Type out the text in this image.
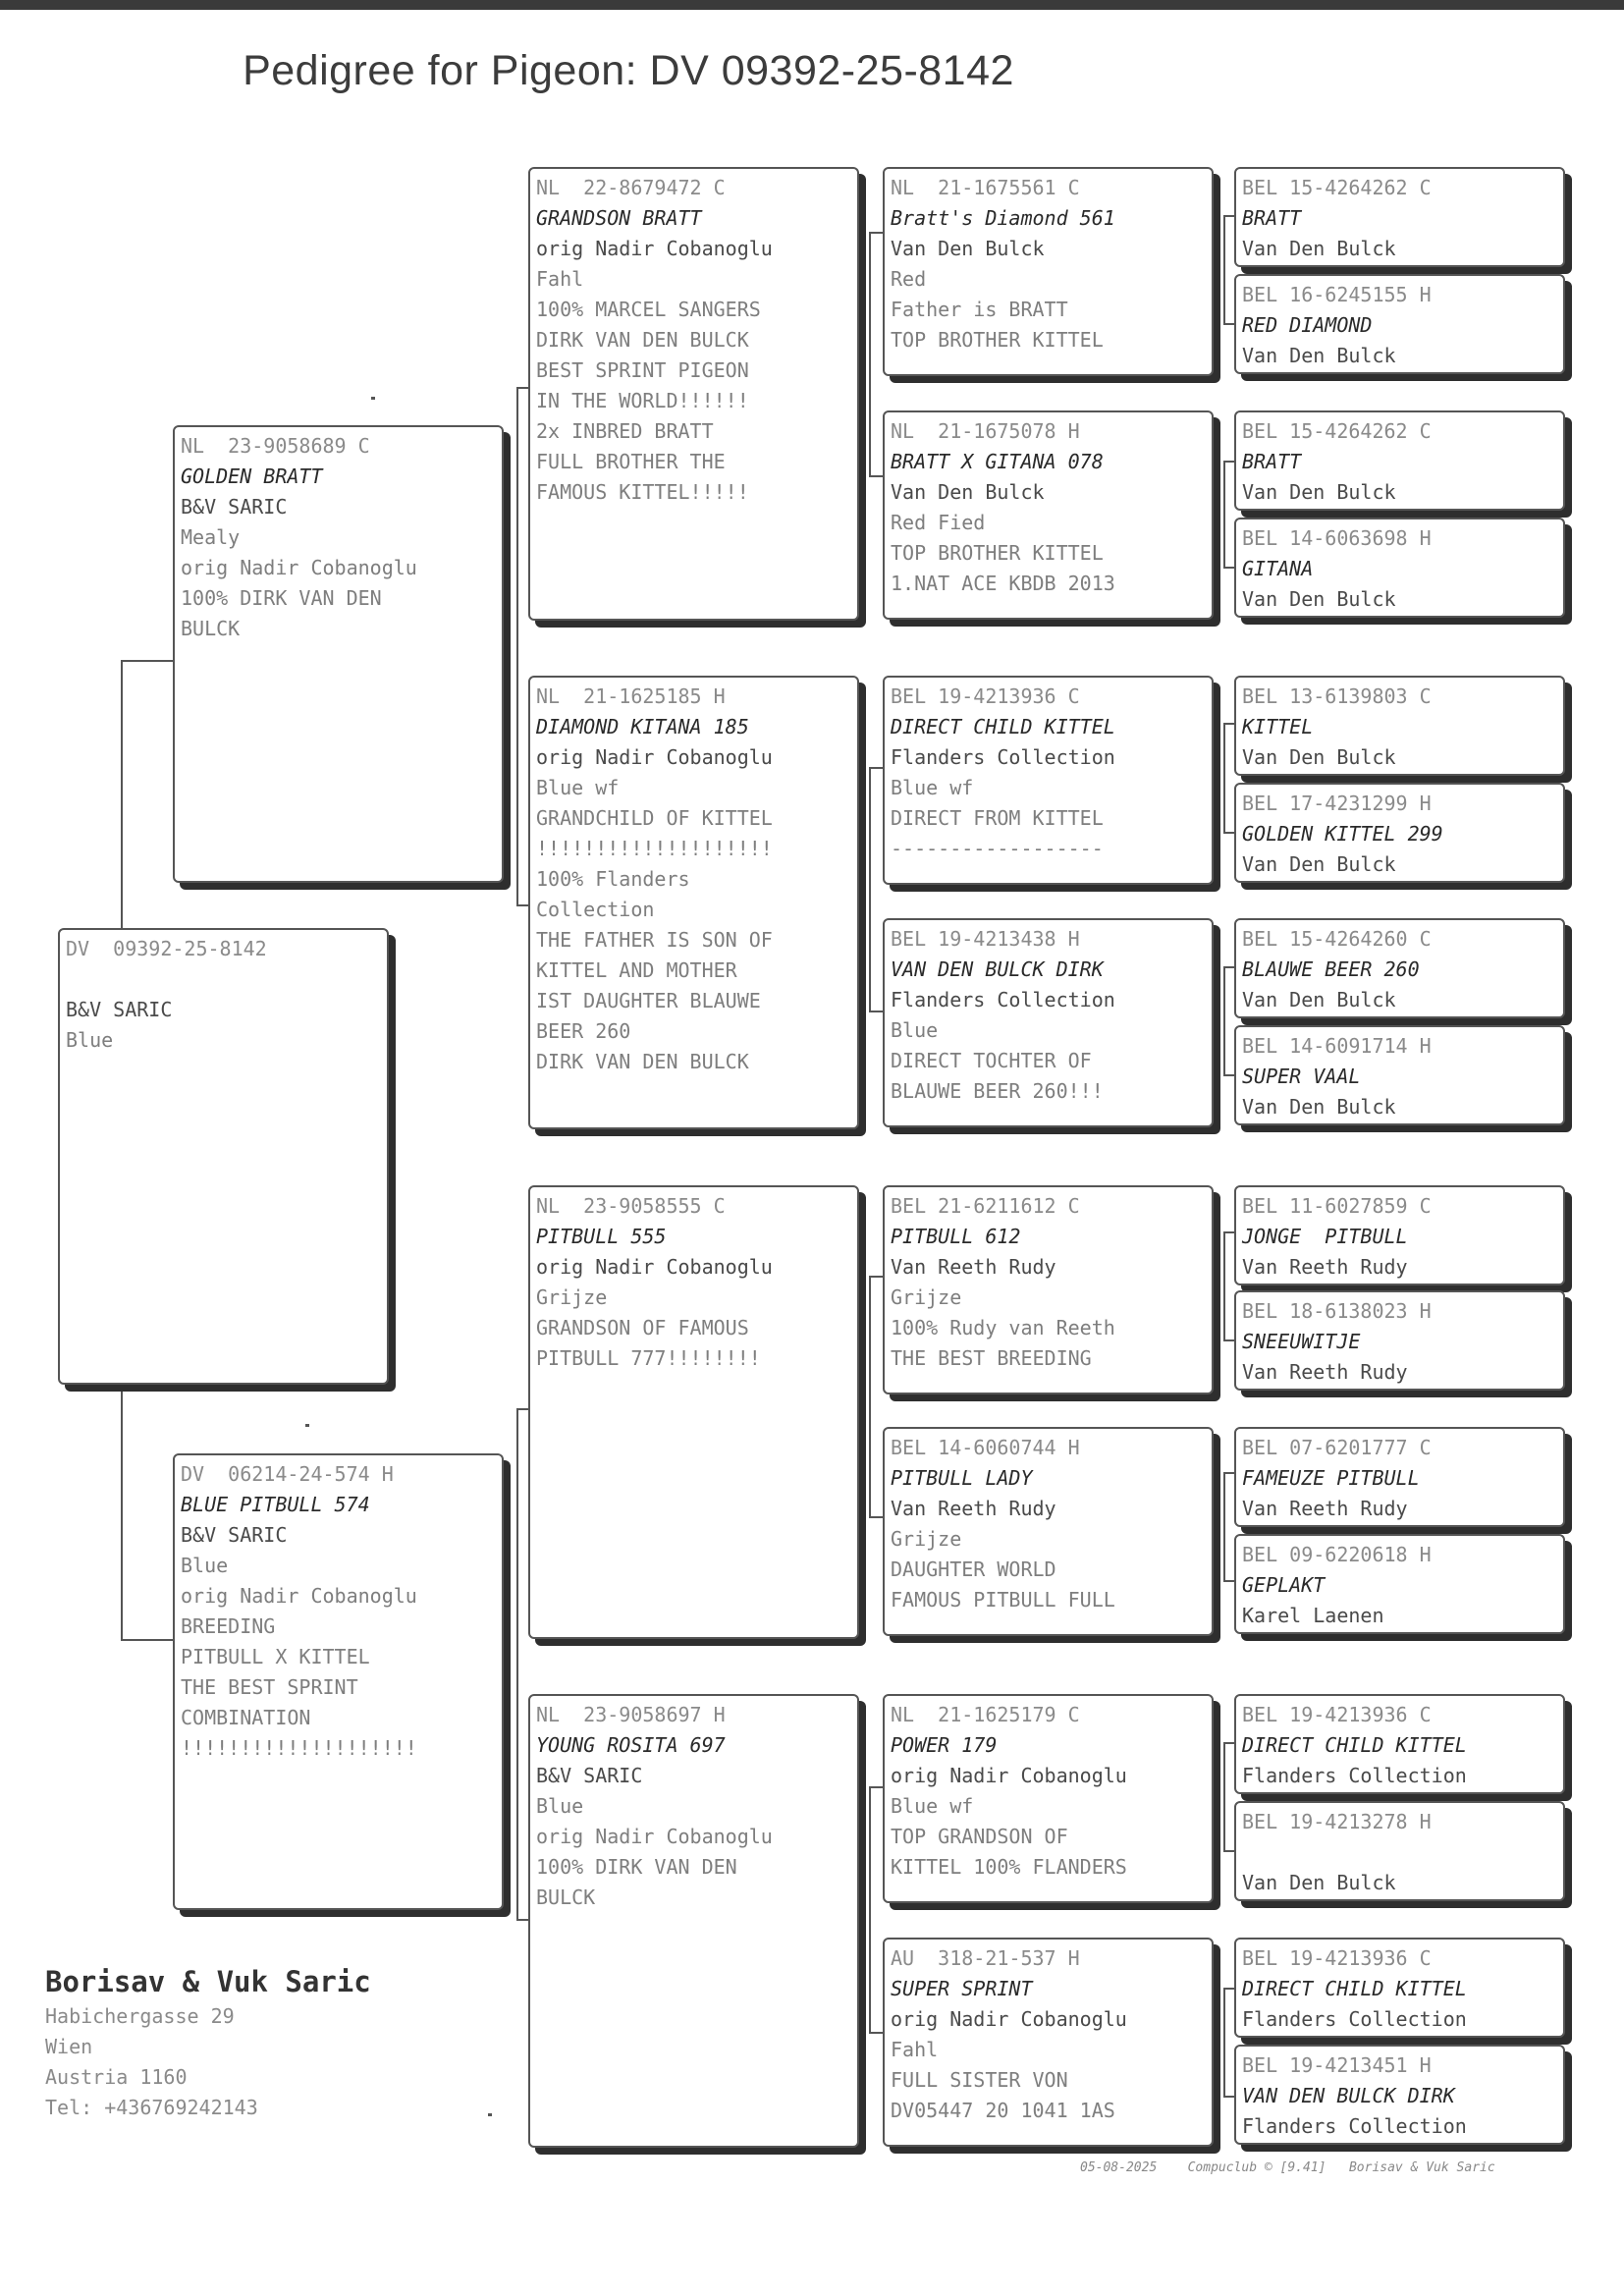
Pedigree for Pigeon: DV 09392-25-8142
DV  09392-25-8142
B&V SARIC
Blue
NL  23-9058689 C
GOLDEN BRATT
B&V SARIC
Mealy
orig Nadir Cobanoglu
100% DIRK VAN DEN
BULCK
DV  06214-24-574 H
BLUE PITBULL 574
B&V SARIC
Blue
orig Nadir Cobanoglu
BREEDING
PITBULL X KITTEL
THE BEST SPRINT
COMBINATION
!!!!!!!!!!!!!!!!!!!!
NL  22-8679472 C
GRANDSON BRATT
orig Nadir Cobanoglu
Fahl
100% MARCEL SANGERS
DIRK VAN DEN BULCK
BEST SPRINT PIGEON
IN THE WORLD!!!!!!
2x INBRED BRATT
FULL BROTHER THE
FAMOUS KITTEL!!!!!
NL  21-1625185 H
DIAMOND KITANA 185
orig Nadir Cobanoglu
Blue wf
GRANDCHILD OF KITTEL
!!!!!!!!!!!!!!!!!!!!
100% Flanders
Collection
THE FATHER IS SON OF
KITTEL AND MOTHER
IST DAUGHTER BLAUWE
BEER 260
DIRK VAN DEN BULCK
NL  23-9058555 C
PITBULL 555
orig Nadir Cobanoglu
Grijze
GRANDSON OF FAMOUS
PITBULL 777!!!!!!!!
NL  23-9058697 H
YOUNG ROSITA 697
B&V SARIC
Blue
orig Nadir Cobanoglu
100% DIRK VAN DEN
BULCK
NL  21-1675561 C
Bratt's Diamond 561
Van Den Bulck
Red
Father is BRATT
TOP BROTHER KITTEL
NL  21-1675078 H
BRATT X GITANA 078
Van Den Bulck
Red Fied
TOP BROTHER KITTEL
1.NAT ACE KBDB 2013
BEL 19-4213936 C
DIRECT CHILD KITTEL
Flanders Collection
Blue wf
DIRECT FROM KITTEL
------------------
BEL 19-4213438 H
VAN DEN BULCK DIRK
Flanders Collection
Blue
DIRECT TOCHTER OF
BLAUWE BEER 260!!!
BEL 21-6211612 C
PITBULL 612
Van Reeth Rudy
Grijze
100% Rudy van Reeth
THE BEST BREEDING
BEL 14-6060744 H
PITBULL LADY
Van Reeth Rudy
Grijze
DAUGHTER WORLD
FAMOUS PITBULL FULL
NL  21-1625179 C
POWER 179
orig Nadir Cobanoglu
Blue wf
TOP GRANDSON OF
KITTEL 100% FLANDERS
AU  318-21-537 H
SUPER SPRINT
orig Nadir Cobanoglu
Fahl
FULL SISTER VON
DV05447 20 1041 1AS
BEL 15-4264262 C
BRATT
Van Den Bulck
BEL 16-6245155 H
RED DIAMOND
Van Den Bulck
BEL 15-4264262 C
BRATT
Van Den Bulck
BEL 14-6063698 H
GITANA
Van Den Bulck
BEL 13-6139803 C
KITTEL
Van Den Bulck
BEL 17-4231299 H
GOLDEN KITTEL 299
Van Den Bulck
BEL 15-4264260 C
BLAUWE BEER 260
Van Den Bulck
BEL 14-6091714 H
SUPER VAAL
Van Den Bulck
BEL 11-6027859 C
JONGE  PITBULL
Van Reeth Rudy
BEL 18-6138023 H
SNEEUWITJE
Van Reeth Rudy
BEL 07-6201777 C
FAMEUZE PITBULL
Van Reeth Rudy
BEL 09-6220618 H
GEPLAKT
Karel Laenen
BEL 19-4213936 C
DIRECT CHILD KITTEL
Flanders Collection
BEL 19-4213278 H
Van Den Bulck
BEL 19-4213936 C
DIRECT CHILD KITTEL
Flanders Collection
BEL 19-4213451 H
VAN DEN BULCK DIRK
Flanders Collection
Borisav & Vuk Saric
Habichergasse 29
Wien
Austria 1160
Tel: +436769242143
05-08-2025 Compuclub © [9.41] Borisav & Vuk Saric
